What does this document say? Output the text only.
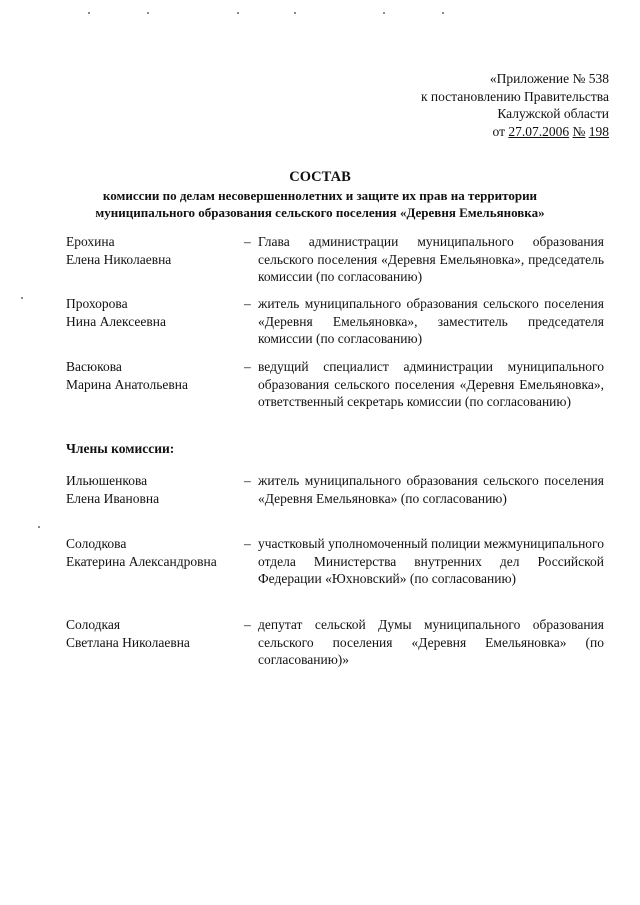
«Приложение № 538
к постановлению Правительства
Калужской области
от 27.07.2006 № 198
СОСТАВ
комиссии по делам несовершеннолетних и защите их прав на территории
муниципального образования сельского поселения «Деревня Емельяновка»
Ерохина
Елена Николаевна
– Глава администрации муниципального образования сельского поселения «Деревня Емельяновка», председатель комиссии (по согласованию)
Прохорова
Нина Алексеевна
– житель муниципального образования сельского поселения «Деревня Емельяновка», заместитель председателя комиссии (по согласованию)
Васюкова
Марина Анатольевна
– ведущий специалист администрации муниципального образования сельского поселения «Деревня Емельяновка», ответственный секретарь комиссии (по согласованию)
Члены комиссии:
Ильюшенкова
Елена Ивановна
– житель муниципального образования сельского поселения «Деревня Емельяновка» (по согласованию)
Солодкова
Екатерина Александровна
– участковый уполномоченный полиции межмуниципального отдела Министерства внутренних дел Российской Федерации «Юхновский» (по согласованию)
Солодкая
Светлана Николаевна
– депутат сельской Думы муниципального образования сельского поселения «Деревня Емельяновка» (по согласованию)»
